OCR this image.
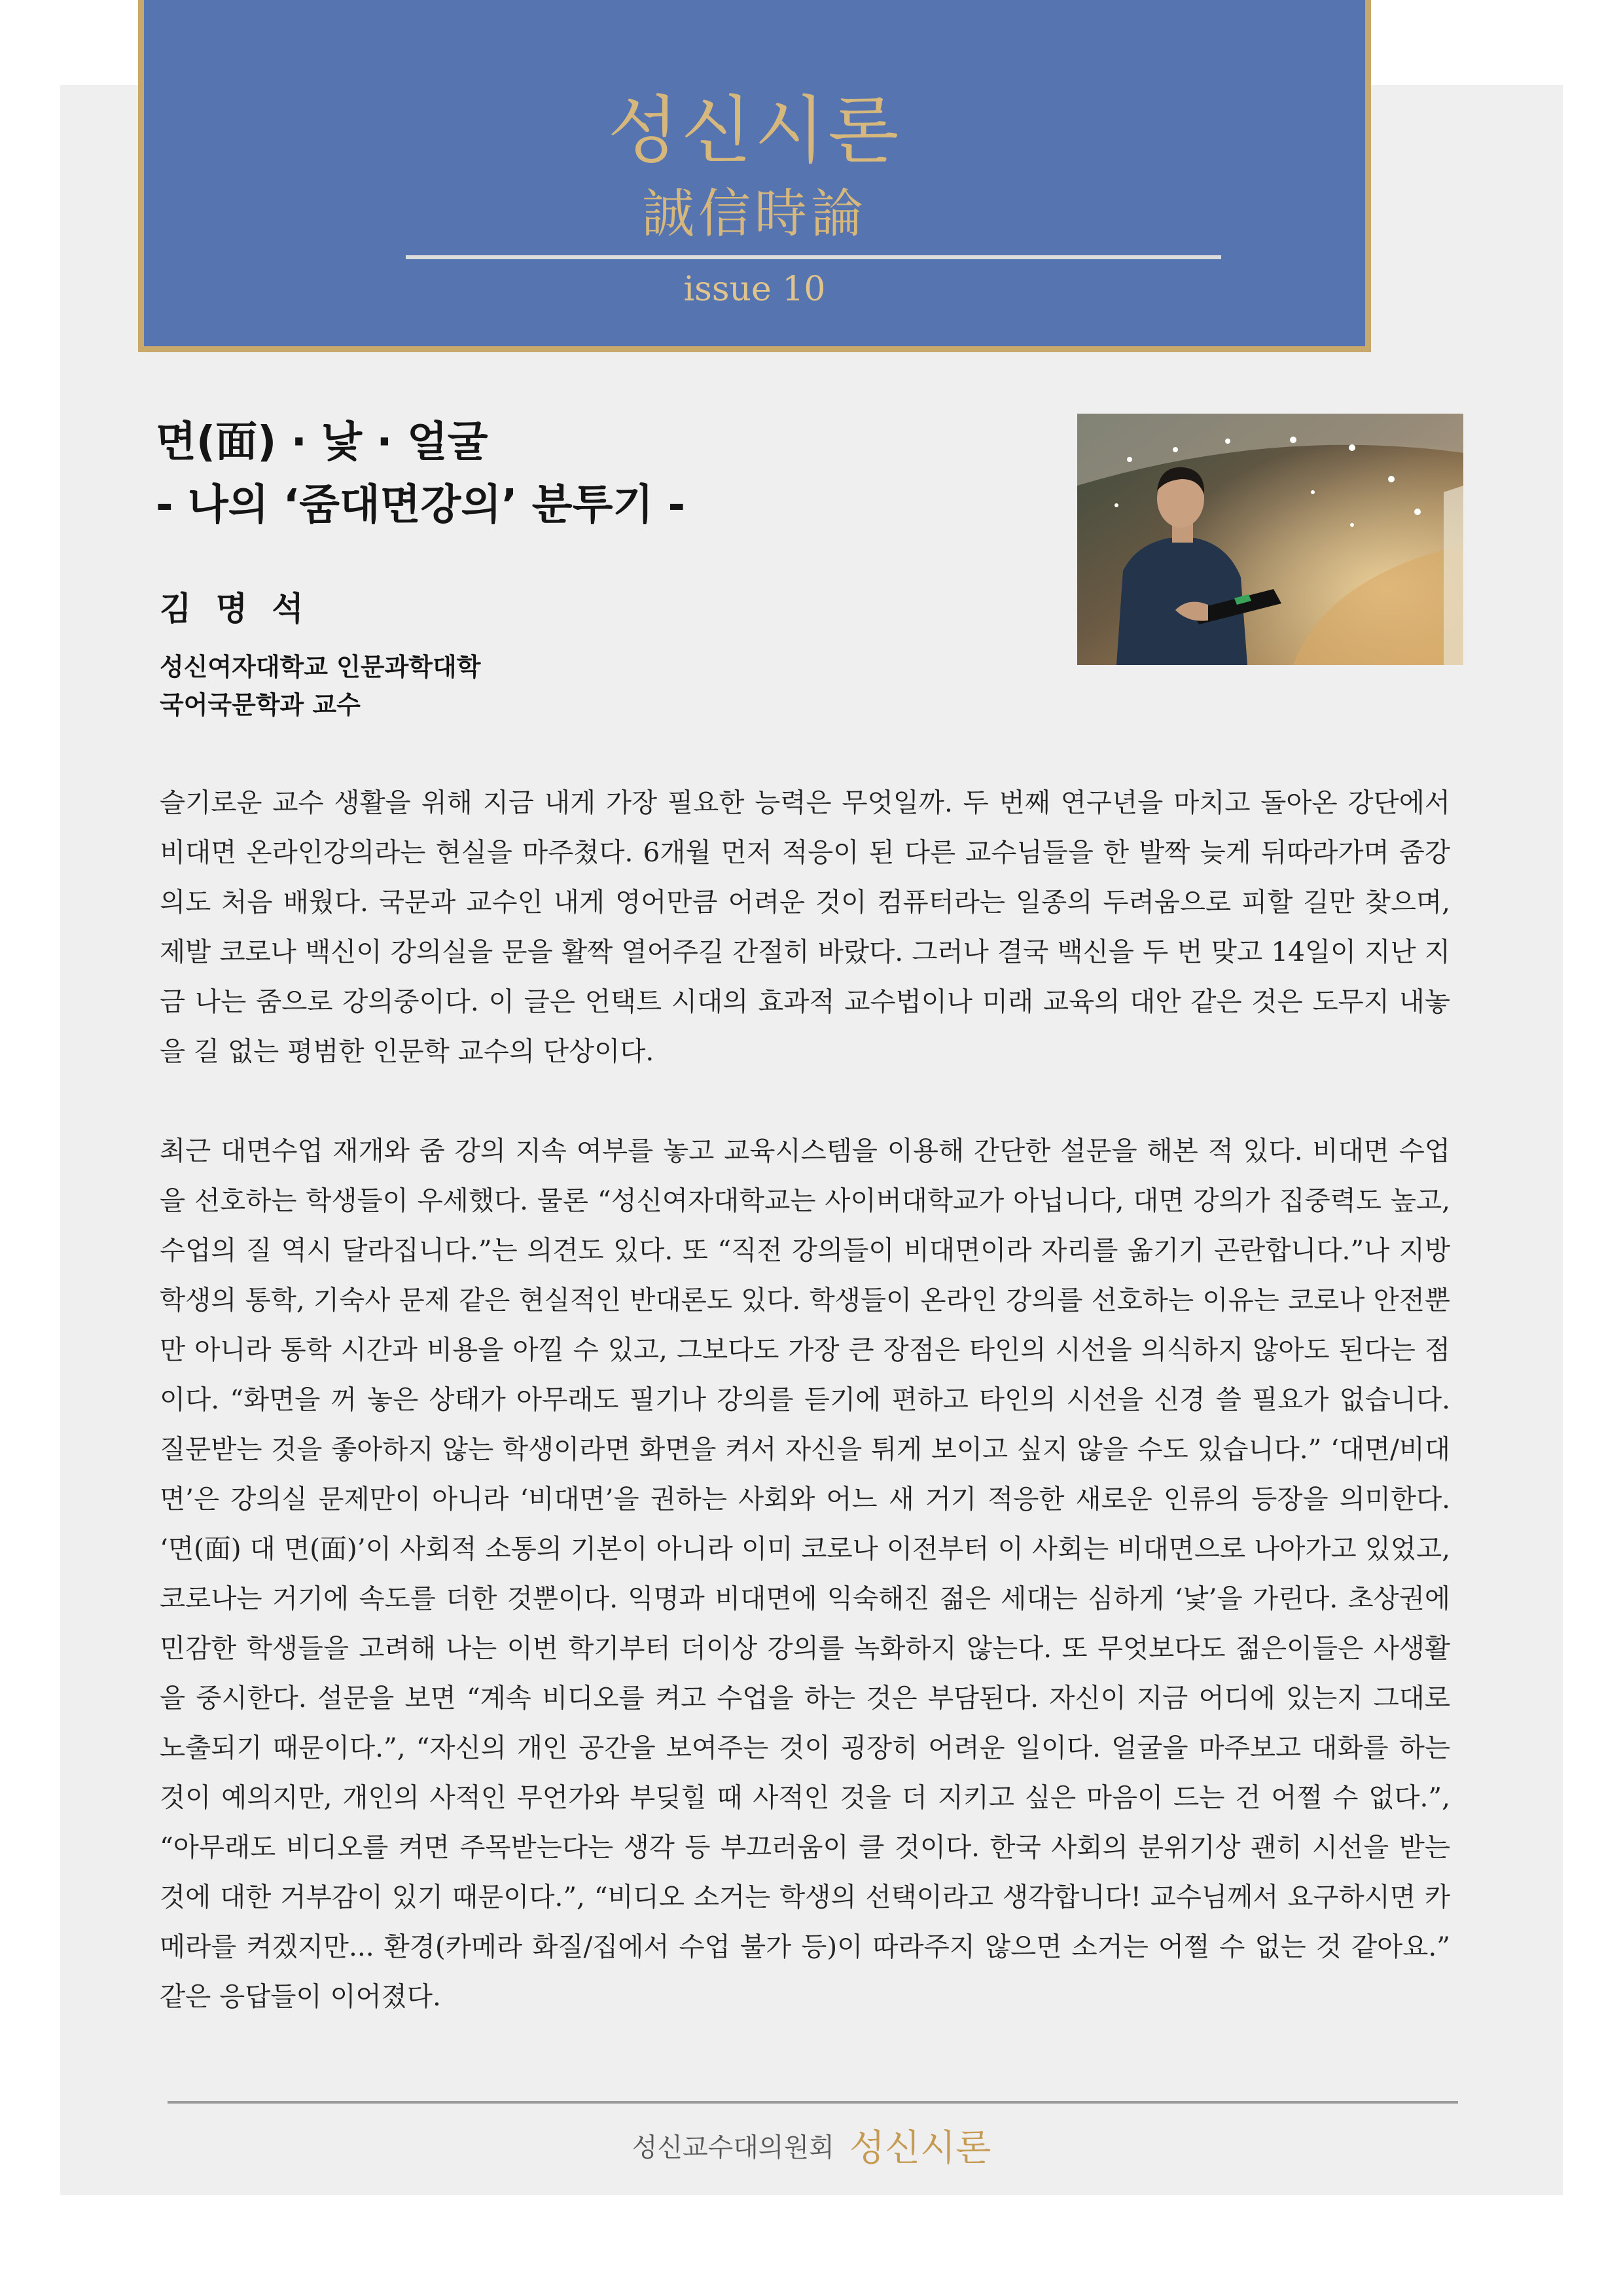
성신시론
誠信時論
issue 10
면(面) · 낯 · 얼굴
- 나의 ‘줌대면강의’ 분투기 -
김 명 석
성신여자대학교 인문과학대학
국어국문학과 교수

슬기로운 교수 생활을 위해 지금 내게 가장 필요한 능력은 무엇일까. 두 번째 연구년을 마치고 돌아온 강단에서 비대면 온라인강의라는 현실을 마주쳤다. 6개월 먼저 적응이 된 다른 교수님들을 한 발짝 늦게 뒤따라가며 줌강의도 처음 배웠다. 국문과 교수인 내게 영어만큼 어려운 것이 컴퓨터라는 일종의 두려움으로 피할 길만 찾으며, 제발 코로나 백신이 강의실을 문을 활짝 열어주길 간절히 바랐다. 그러나 결국 백신을 두 번 맞고 14일이 지난 지금 나는 줌으로 강의중이다. 이 글은 언택트 시대의 효과적 교수법이나 미래 교육의 대안 같은 것은 도무지 내놓을 길 없는 평범한 인문학 교수의 단상이다.

최근 대면수업 재개와 줌 강의 지속 여부를 놓고 교육시스템을 이용해 간단한 설문을 해본 적 있다. 비대면 수업을 선호하는 학생들이 우세했다. 물론 “성신여자대학교는 사이버대학교가 아닙니다, 대면 강의가 집중력도 높고, 수업의 질 역시 달라집니다.”는 의견도 있다. 또 “직전 강의들이 비대면이라 자리를 옮기기 곤란합니다.”나 지방 학생의 통학, 기숙사 문제 같은 현실적인 반대론도 있다. 학생들이 온라인 강의를 선호하는 이유는 코로나 안전뿐만 아니라 통학 시간과 비용을 아낄 수 있고, 그보다도 가장 큰 장점은 타인의 시선을 의식하지 않아도 된다는 점이다. “화면을 꺼 놓은 상태가 아무래도 필기나 강의를 듣기에 편하고 타인의 시선을 신경 쓸 필요가 없습니다. 질문받는 것을 좋아하지 않는 학생이라면 화면을 켜서 자신을 튀게 보이고 싶지 않을 수도 있습니다.” ‘대면/비대면’은 강의실 문제만이 아니라 ‘비대면’을 권하는 사회와 어느 새 거기 적응한 새로운 인류의 등장을 의미한다. ‘면(面) 대 면(面)’이 사회적 소통의 기본이 아니라 이미 코로나 이전부터 이 사회는 비대면으로 나아가고 있었고, 코로나는 거기에 속도를 더한 것뿐이다. 익명과 비대면에 익숙해진 젊은 세대는 심하게 ‘낯’을 가린다. 초상권에 민감한 학생들을 고려해 나는 이번 학기부터 더이상 강의를 녹화하지 않는다. 또 무엇보다도 젊은이들은 사생활을 중시한다. 설문을 보면 “계속 비디오를 켜고 수업을 하는 것은 부담된다. 자신이 지금 어디에 있는지 그대로 노출되기 때문이다.”, “자신의 개인 공간을 보여주는 것이 굉장히 어려운 일이다. 얼굴을 마주보고 대화를 하는 것이 예의지만, 개인의 사적인 무언가와 부딪힐 때 사적인 것을 더 지키고 싶은 마음이 드는 건 어쩔 수 없다.”, “아무래도 비디오를 켜면 주목받는다는 생각 등 부끄러움이 클 것이다. 한국 사회의 분위기상 괜히 시선을 받는 것에 대한 거부감이 있기 때문이다.”, “비디오 소거는 학생의 선택이라고 생각합니다! 교수님께서 요구하시면 카메라를 켜겠지만... 환경(카메라 화질/집에서 수업 불가 등)이 따라주지 않으면 소거는 어쩔 수 없는 것 같아요.” 같은 응답들이 이어졌다.

성신교수대의원회 성신시론
